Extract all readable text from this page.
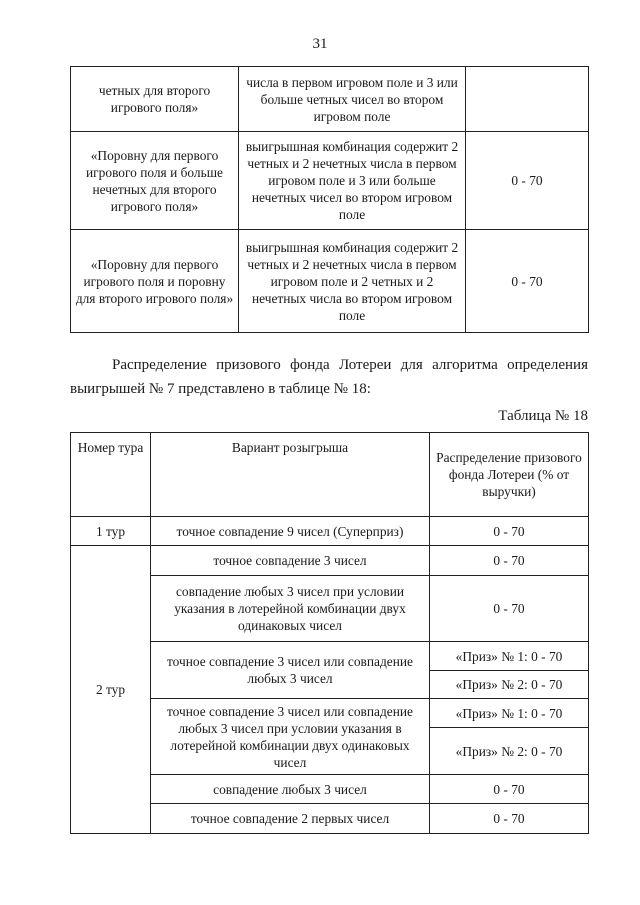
31
четных для второго игрового поля»	числа в первом игровом поле и 3 или больше четных чисел во втором игровом поле	
«Поровну для первого игрового поля и больше нечетных для второго игрового поля»	выигрышная комбинация содержит 2 четных и 2 нечетных числа в первом игровом поле и 3 или больше нечетных чисел во втором игровом поле	0 - 70
«Поровну для первого игрового поля и поровну для второго игрового поля»	выигрышная комбинация содержит 2 четных и 2 нечетных числа в первом игровом поле и 2 четных и 2 нечетных числа во втором игровом поле	0 - 70

Распределение призового фонда Лотереи для алгоритма определения выигрышей № 7 представлено в таблице № 18:

Таблица № 18
Номер тура	Вариант розыгрыша	Распределение призового фонда Лотереи (% от выручки)
1 тур	точное совпадение 9 чисел (Суперприз)	0 - 70
2 тур	точное совпадение 3 чисел	0 - 70
	совпадение любых 3 чисел при условии указания в лотерейной комбинации двух одинаковых чисел	0 - 70
	точное совпадение 3 чисел или совпадение любых 3 чисел	«Приз» № 1: 0 - 70
		«Приз» № 2: 0 - 70
	точное совпадение 3 чисел или совпадение любых 3 чисел при условии указания в лотерейной комбинации двух одинаковых чисел	«Приз» № 1: 0 - 70
		«Приз» № 2: 0 - 70
	совпадение любых 3 чисел	0 - 70
	точное совпадение 2 первых чисел	0 - 70
